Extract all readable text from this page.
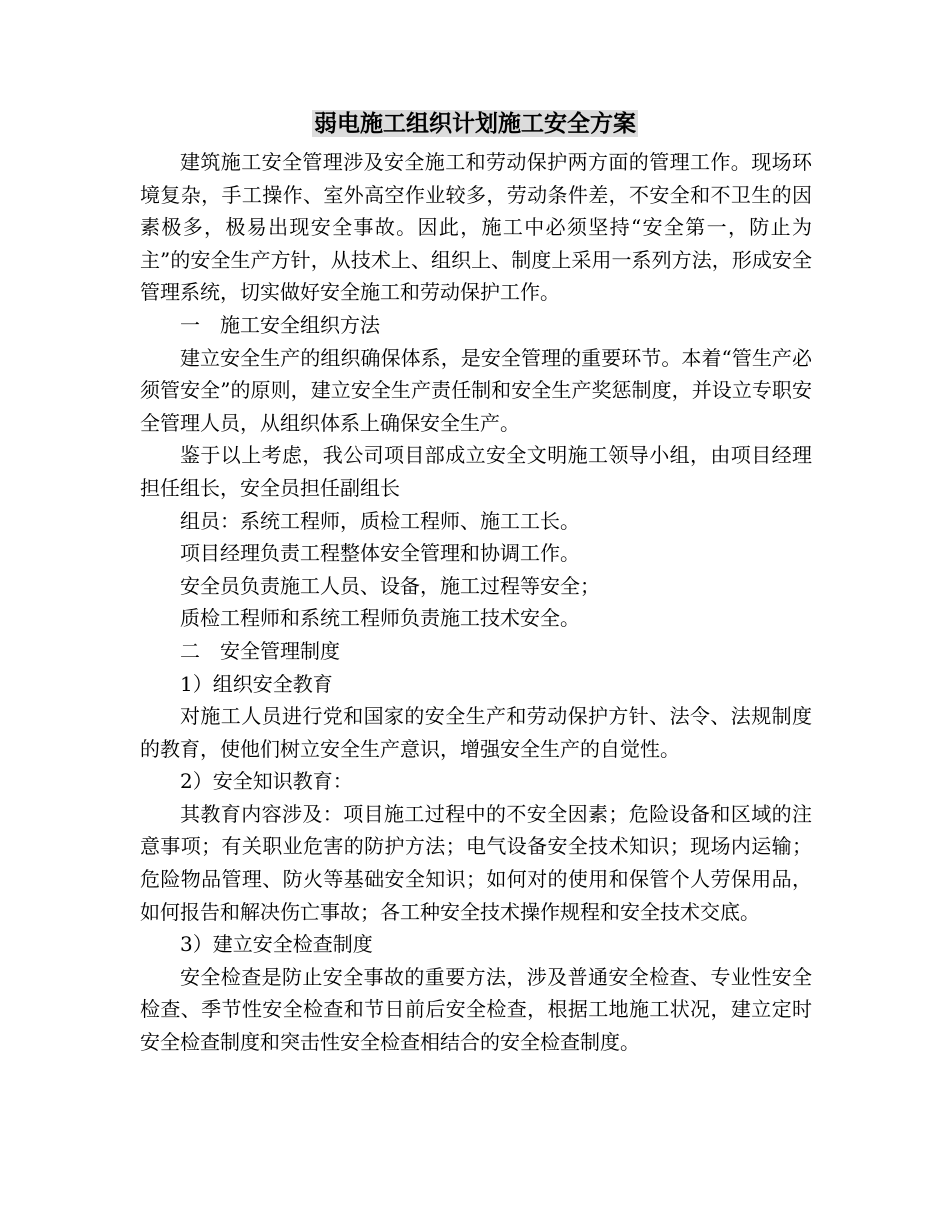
弱电施工组织计划施工安全方案

建筑施工安全管理涉及安全施工和劳动保护两方面的管理工作。现场环境复杂，手工操作、室外高空作业较多，劳动条件差，不安全和不卫生的因素极多，极易出现安全事故。因此，施工中必须坚持“安全第一，防止为主”的安全生产方针，从技术上、组织上、制度上采用一系列方法，形成安全管理系统，切实做好安全施工和劳动保护工作。

一　施工安全组织方法

建立安全生产的组织确保体系，是安全管理的重要环节。本着“管生产必须管安全”的原则，建立安全生产责任制和安全生产奖惩制度，并设立专职安全管理人员，从组织体系上确保安全生产。

鉴于以上考虑，我公司项目部成立安全文明施工领导小组，由项目经理担任组长，安全员担任副组长

组员：系统工程师，质检工程师、施工工长。

项目经理负责工程整体安全管理和协调工作。

安全员负责施工人员、设备，施工过程等安全；

质检工程师和系统工程师负责施工技术安全。

二　安全管理制度

1）组织安全教育

对施工人员进行党和国家的安全生产和劳动保护方针、法令、法规制度的教育，使他们树立安全生产意识，增强安全生产的自觉性。

2）安全知识教育：

其教育内容涉及：项目施工过程中的不安全因素；危险设备和区域的注意事项；有关职业危害的防护方法；电气设备安全技术知识；现场内运输；危险物品管理、防火等基础安全知识；如何对的使用和保管个人劳保用品，如何报告和解决伤亡事故；各工种安全技术操作规程和安全技术交底。

3）建立安全检查制度

安全检查是防止安全事故的重要方法，涉及普通安全检查、专业性安全检查、季节性安全检查和节日前后安全检查，根据工地施工状况，建立定时安全检查制度和突击性安全检查相结合的安全检查制度。
